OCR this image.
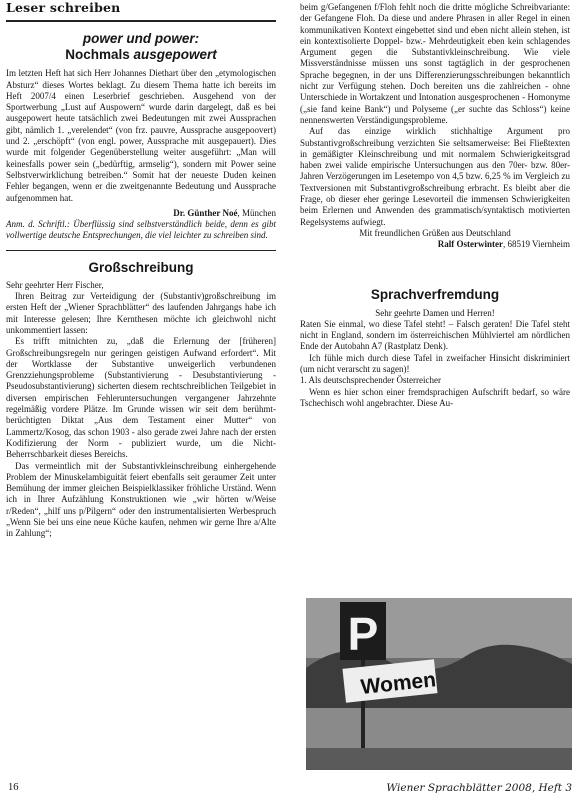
Leser schreiben
power und power:
Nochmals ausgepowert

Im letzten Heft hat sich Herr Johannes Diethart über den „etymologischen Absturz“ dieses Wortes beklagt. Zu diesem Thema hatte ich bereits im Heft 2007/4 einen Leserbrief geschrieben. Ausgehend von der Sportwerbung „Lust auf Auspowern“ wurde darin dargelegt, daß es bei ausgepowert heute tatsächlich zwei Bedeutungen mit zwei Aussprachen gibt, nämlich 1. „verelendet“ (von frz. pauvre, Aussprache ausgepoovert) und 2. „erschöpft“ (von engl. power, Aussprache mit ausgepauert). Dies wurde mit folgender Gegenüberstellung weiter ausgeführt: „Man will keinesfalls power sein („bedürftig, armselig“), sondern mit Power seine Selbstverwirklichung betreiben.“ Somit hat der neueste Duden keinen Fehler begangen, wenn er die zweitgenannte Bedeutung und Aussprache aufgenommen hat.

Dr. Günther Noé, München

Anm. d. Schriftl.: Überflüssig sind selbstverständlich beide, denn es gibt vollwertige deutsche Entsprechungen, die viel leichter zu schreiben sind.

Großschreibung

Sehr geehrter Herr Fischer,

Ihren Beitrag zur Verteidigung der (Substantiv)großschreibung im ersten Heft der „Wiener Sprachblätter“ des laufenden Jahrgangs habe ich mit Interesse gelesen; Ihre Kernthesen möchte ich gleichwohl nicht unkommentiert lassen:

Es trifft mitnichten zu, „daß die Erlernung der [früheren] Großschreibungsregeln nur geringen geistigen Aufwand erfordert“. Mit der Wortklasse der Substantive unweigerlich verbundenen Grenzziehungsprobleme (Substantivierung - Desubstantivierung - Pseudosubstantivierung) sicherten diesem rechtschreiblichen Teilgebiet in diversen empirischen Fehleruntersuchungen vergangener Jahrzehnte regelmäßig vordere Plätze. Im Grunde wissen wir seit dem berühmt-berüchtigten Diktat „Aus dem Testament einer Mutter“ von Lammertz/Kosog, das schon 1903 - also gerade zwei Jahre nach der ersten Kodifizierung der Norm - publiziert wurde, um die Nicht-Beherrschbarkeit dieses Bereichs.

Das vermeintlich mit der Substantivkleinschreibung einhergehende Problem der Minuskelambiguität feiert ebenfalls seit geraumer Zeit unter Bemühung der immer gleichen Beispielklassiker fröhliche Urständ. Wenn ich in Ihrer Aufzählung Konstruktionen wie „wir hörten w/Weise r/Reden“, „hilf uns p/Pilgern“ oder den instrumentalisierten Werbespruch „Wenn Sie bei uns eine neue Küche kaufen, nehmen wir gerne Ihre a/Alte in Zahlung“;

beim g/Gefangenen f/Floh fehlt noch die dritte mögliche Schreibvariante: der Gefangene Floh. Da diese und andere Phrasen in aller Regel in einen kommunikativen Kontext eingebettet sind und eben nicht allein stehen, ist ein kontextisolierte Doppel- bzw.- Mehrdeutigkeit eben kein schlagendes Argument gegen die Substantivkleinschreibung. Wie viele Missverständnisse müssen uns sonst tagtäglich in der gesprochenen Sprache begegnen, in der uns Differenzierungsschreibungen bekanntlich nicht zur Verfügung stehen. Doch bereiten uns die zahlreichen - ohne Unterschiede in Wortakzent und Intonation ausgesprochenen - Homonyme („sie fand keine Bank“) und Polyseme („er suchte das Schloss“) keine nennenswerten Verständigungsprobleme.

Auf das einzige wirklich stichhaltige Argument pro Substantivgroßschreibung verzichten Sie seltsamerweise: Bei Fließtexten in gemäßigter Kleinschreibung und mit normalem Schwierigkeitsgrad haben zwei valide empirische Untersuchungen aus den 70er- bzw. 80er-Jahren Verzögerungen im Lesetempo von 4,5 bzw. 6,25 % im Vergleich zu Textversionen mit Substantivgroßschreibung erbracht. Es bleibt aber die Frage, ob dieser eher geringe Lesevorteil die immensen Schwierigkeiten beim Erlernen und Anwenden des grammatisch/syntaktisch motivierten Regelsystems aufwiegt.

Mit freundlichen Grüßen aus Deutschland

Ralf Osterwinter, 68519 Viernheim

Sprachverfremdung

Sehr geehrte Damen und Herren!

Raten Sie einmal, wo diese Tafel steht! – Falsch geraten! Die Tafel steht nicht in England, sondern im österreichischen Mühlviertel am nördlichen Ende der Autobahn A7 (Rastplatz Denk).

Ich fühle mich durch diese Tafel in zweifacher Hinsicht diskriminiert (um nicht verarscht zu sagen)!

1. Als deutschsprechender Österreicher

Wenn es hier schon einer fremdsprachigen Aufschrift bedarf, so wäre Tschechisch wohl angebrachter. Diese Au-

P
Women
16	Wiener Sprachblätter 2008, Heft 3
